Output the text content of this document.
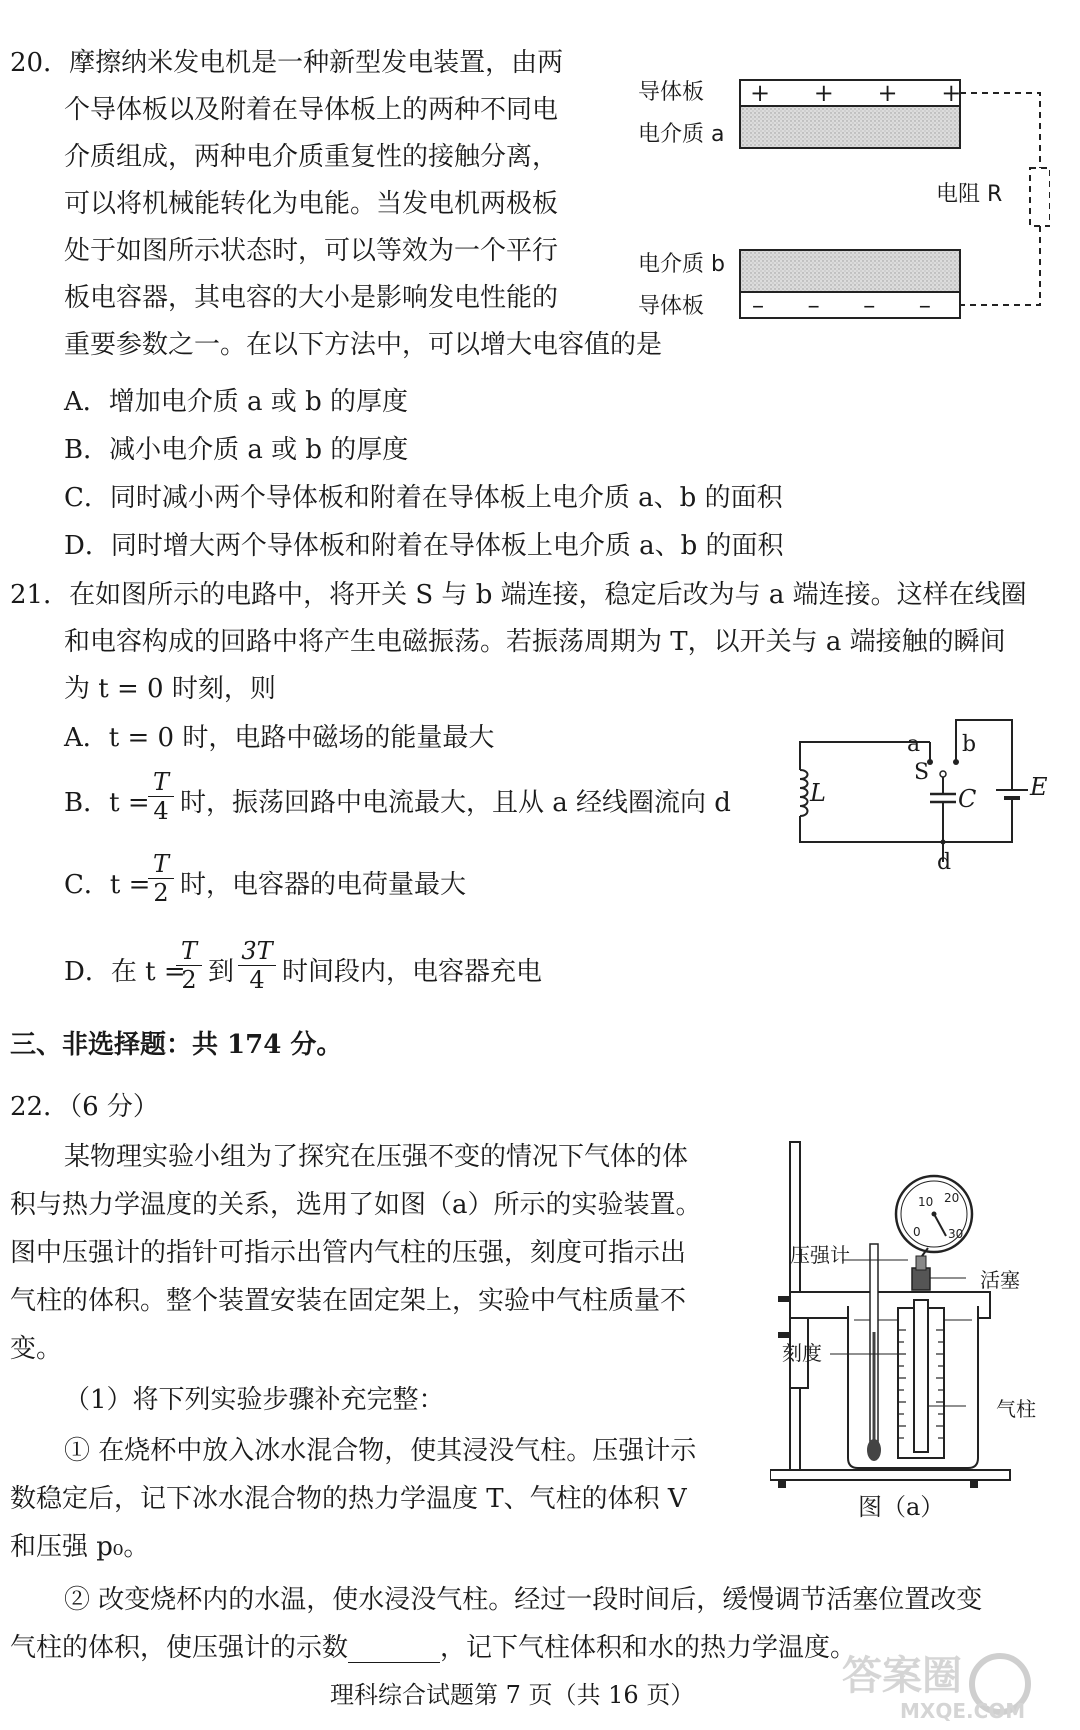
20．摩擦纳米发电机是一种新型发电装置，由两
个导体板以及附着在导体板上的两种不同电
介质组成，两种电介质重复性的接触分离，
可以将机械能转化为电能。当发电机两极板
处于如图所示状态时，可以等效为一个平行
板电容器，其电容的大小是影响发电性能的
重要参数之一。在以下方法中，可以增大电容值的是
A．增加电介质 a 或 b 的厚度
B．减小电介质 a 或 b 的厚度
C．同时减小两个导体板和附着在导体板上电介质 a、b 的面积
D．同时增大两个导体板和附着在导体板上电介质 a、b 的面积
+ + + +
– – – –
导体板
电介质 a
电阻 R
电介质 b
导体板
21．在如图所示的电路中，将开关 S 与 b 端连接，稳定后改为与 a 端连接。这样在线圈
和电容构成的回路中将产生电磁振荡。若振荡周期为 T，以开关与 a 端接触的瞬间
为 t = 0 时刻，则
A．t = 0 时，电路中磁场的能量最大
B．t =
T
4 时，振荡回路中电流最大，且从 a 经线圈流向 d
C．t =
T
2 时，电容器的电荷量最大
D．在 t =
T
2 到
3T
4 时间段内，电容器充电
L
a b
S
C E
d
三、非选择题：共 174 分。
22．（6 分）
某物理实验小组为了探究在压强不变的情况下气体的体
积与热力学温度的关系，选用了如图（a）所示的实验装置。
图中压强计的指针可指示出管内气柱的压强，刻度可指示出
气柱的体积。整个装置安装在固定架上，实验中气柱质量不
变。
（1）将下列实验步骤补充完整：
① 在烧杯中放入冰水混合物，使其浸没气柱。压强计示
数稳定后，记下冰水混合物的热力学温度 T、气柱的体积 V
和压强 p₀。
② 改变烧杯内的水温，使水浸没气柱。经过一段时间后，缓慢调节活塞位置改变
气柱的体积，使压强计的示数	，记下气柱体积和水的热力学温度。
0
10 20
30
压强计
活塞
刻度
气柱
图（a）
理科综合试题第 7 页（共 16 页）	答案圈
MXQE.COM
